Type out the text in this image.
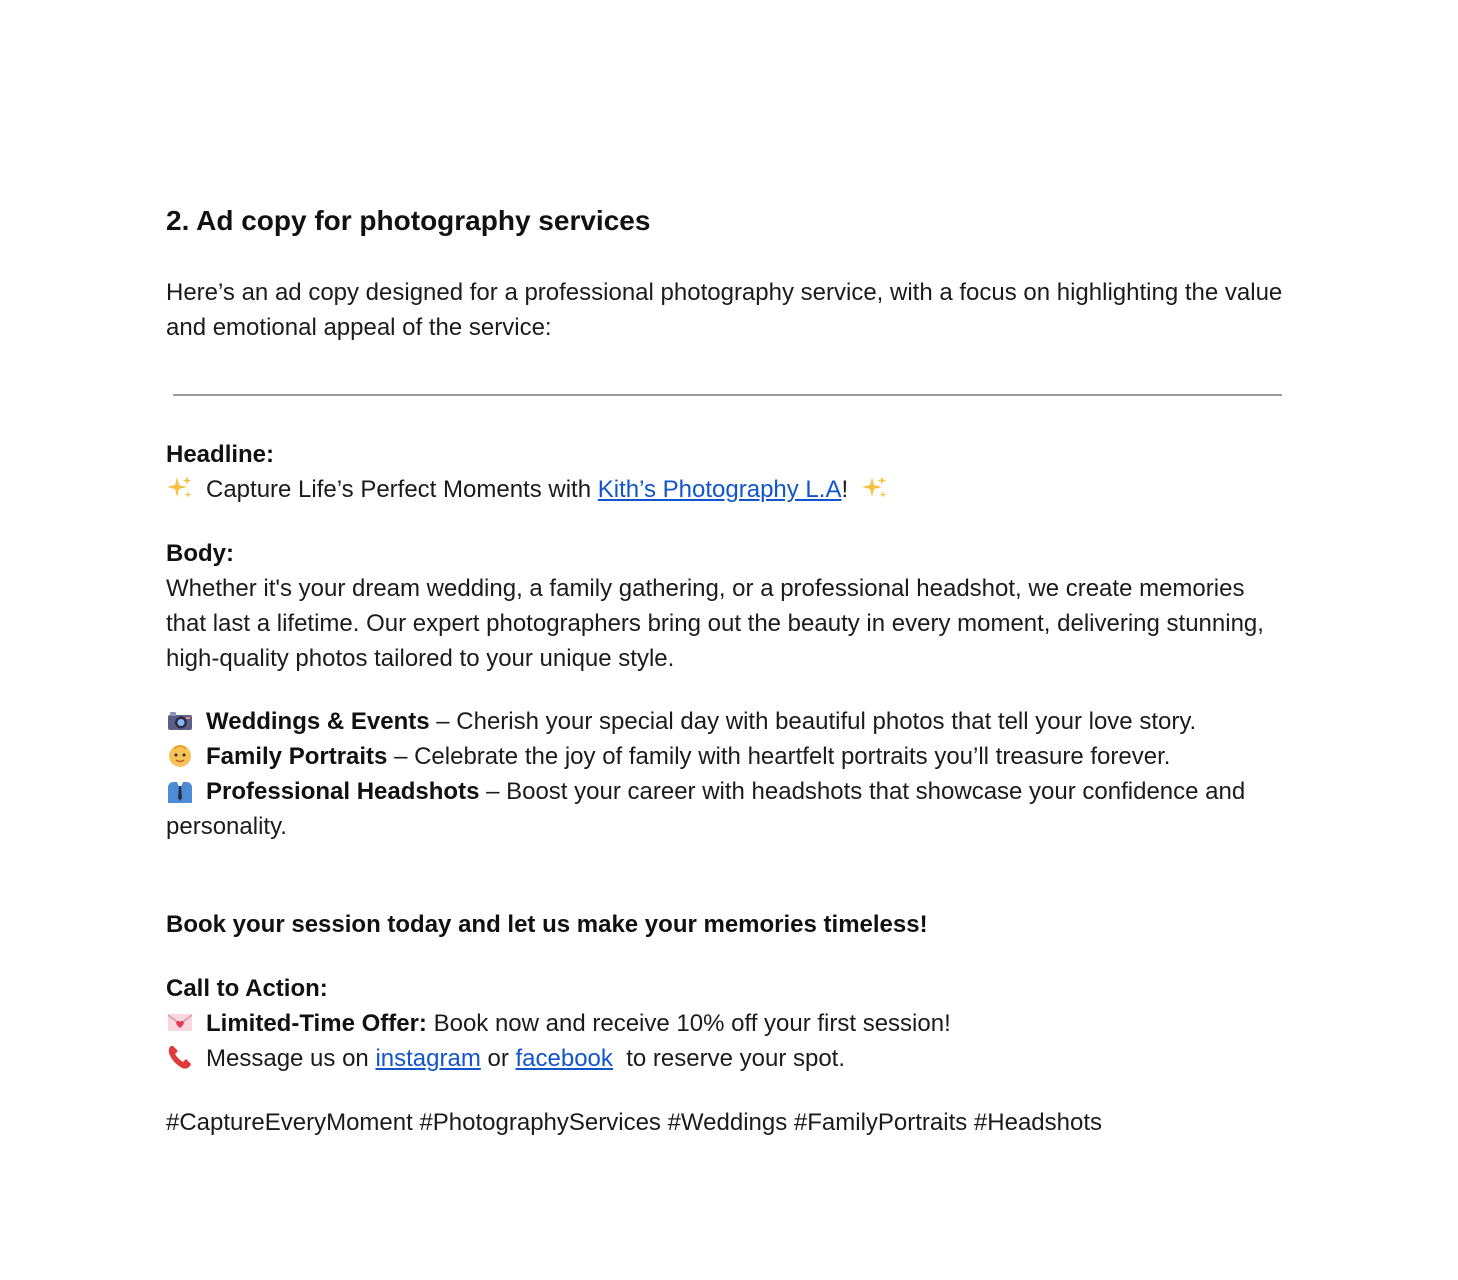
2. Ad copy for photography services

Here’s an ad copy designed for a professional photography service, with a focus on highlighting the value and emotional appeal of the service:

Headline:
Capture Life’s Perfect Moments with Kith’s Photography L.A!
Body:
Whether it's your dream wedding, a family gathering, or a professional headshot, we create memories that last a lifetime. Our expert photographers bring out the beauty in every moment, delivering stunning, high-quality photos tailored to your unique style.
Weddings & Events – Cherish your special day with beautiful photos that tell your love story.
Family Portraits – Celebrate the joy of family with heartfelt portraits you’ll treasure forever.
Professional Headshots – Boost your career with headshots that showcase your confidence and personality.
Book your session today and let us make your memories timeless!
Call to Action:
Limited-Time Offer: Book now and receive 10% off your first session!
Message us on instagram or facebook  to reserve your spot.
#CaptureEveryMoment #PhotographyServices #Weddings #FamilyPortraits #Headshots
